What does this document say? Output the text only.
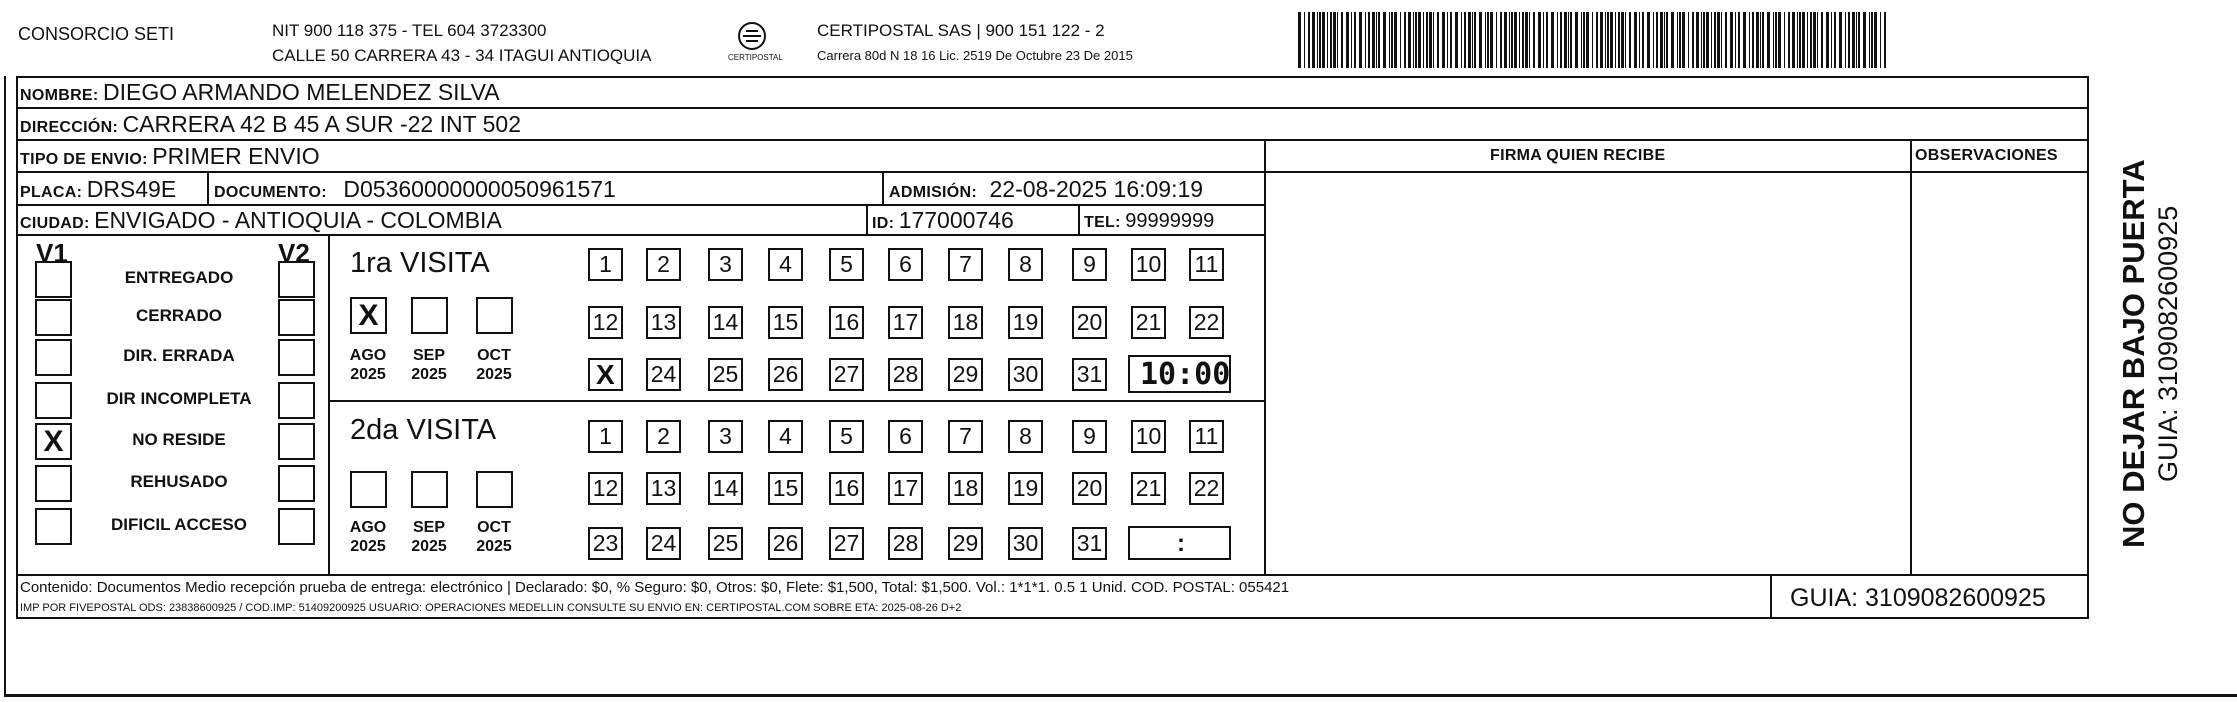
CONSORCIO SETI	NIT 900 118 375 - TEL 604 3723300
CALLE 50 CARRERA 43 - 34 ITAGUI ANTIOQUIA	CERTIPOSTAL
CERTIPOSTAL SAS | 900 151 122 - 2
Carrera 80d N 18 16 Lic. 2519 De Octubre 23 De 2015
NOMBRE: DIEGO ARMANDO MELENDEZ SILVA
DIRECCIÓN: CARRERA 42 B 45 A SUR -22 INT 502
TIPO DE ENVIO: PRIMER ENVIO	FIRMA QUIEN RECIBE	OBSERVACIONES
PLACA: DRS49E DOCUMENTO: D05360000000050961571	ADMISIÓN: 22-08-2025 16:09:19
CIUDAD: ENVIGADO - ANTIOQUIA - COLOMBIA	ID: 177000746	TEL: 99999999
V1	V2
ENTREGADO
CERRADO
DIR. ERRADA
DIR INCOMPLETA
X	NO RESIDE
REHUSADO
DIFICIL ACCESO
1ra VISITA
X
AGO 2025
SEP 2025
OCT 2025
1	2	3	4	5	6	7	8	9	10 11
12 13 14 15 16 17 18 19 20 21 22
X 24 25 26 27 28 29 30 31 10:00
2da VISITA
AGO 2025
SEP 2025
OCT 2025
1	2	3	4	5	6	7	8	9	10 11
12 13 14 15 16 17 18 19 20 21 22
23 24 25 26 27 28 29 30 31	:
Contenido: Documentos Medio recepción prueba de entrega: electrónico | Declarado: $0, % Seguro: $0, Otros: $0, Flete: $1,500, Total: $1,500. Vol.: 1*1*1. 0.5 1 Unid. COD. POSTAL: 055421
IMP POR FIVEPOSTAL ODS: 23838600925 / COD.IMP: 51409200925 USUARIO: OPERACIONES MEDELLIN CONSULTE SU ENVIO EN: CERTIPOSTAL.COM SOBRE ETA: 2025-08-26 D+2	GUIA: 3109082600925
NO DEJAR BAJO PUERTA GUIA: 3109082600925
